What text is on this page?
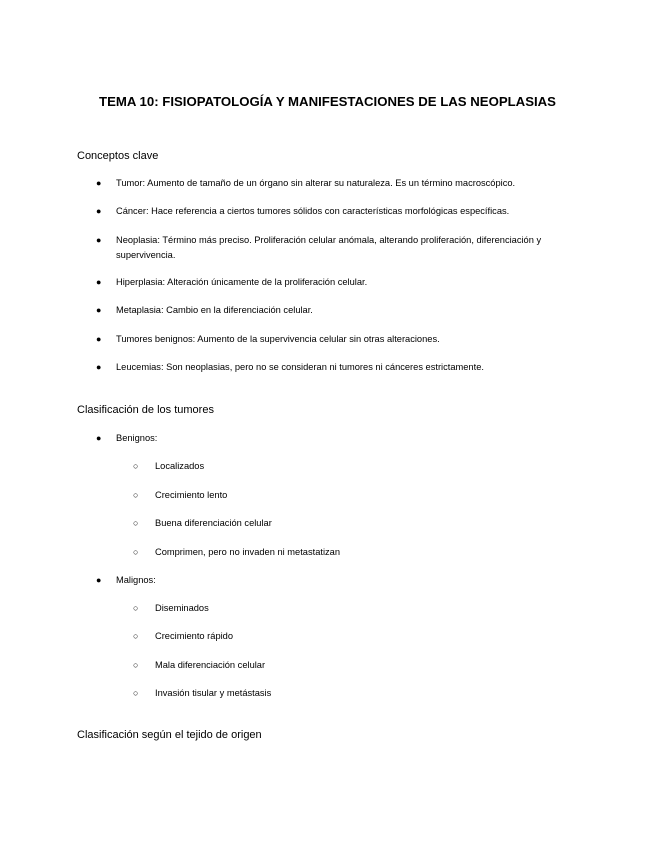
TEMA 10: FISIOPATOLOGÍA Y MANIFESTACIONES DE LAS NEOPLASIAS

Conceptos clave

● Tumor: Aumento de tamaño de un órgano sin alterar su naturaleza. Es un término macroscópico.
● Cáncer: Hace referencia a ciertos tumores sólidos con características morfológicas específicas.
● Neoplasia: Término más preciso. Proliferación celular anómala, alterando proliferación, diferenciación y supervivencia.
● Hiperplasia: Alteración únicamente de la proliferación celular.
● Metaplasia: Cambio en la diferenciación celular.
● Tumores benignos: Aumento de la supervivencia celular sin otras alteraciones.
● Leucemias: Son neoplasias, pero no se consideran ni tumores ni cánceres estrictamente.

Clasificación de los tumores

● Benignos:
○ Localizados
○ Crecimiento lento
○ Buena diferenciación celular
○ Comprimen, pero no invaden ni metastatizan
● Malignos:
○ Diseminados
○ Crecimiento rápido
○ Mala diferenciación celular
○ Invasión tisular y metástasis

Clasificación según el tejido de origen
